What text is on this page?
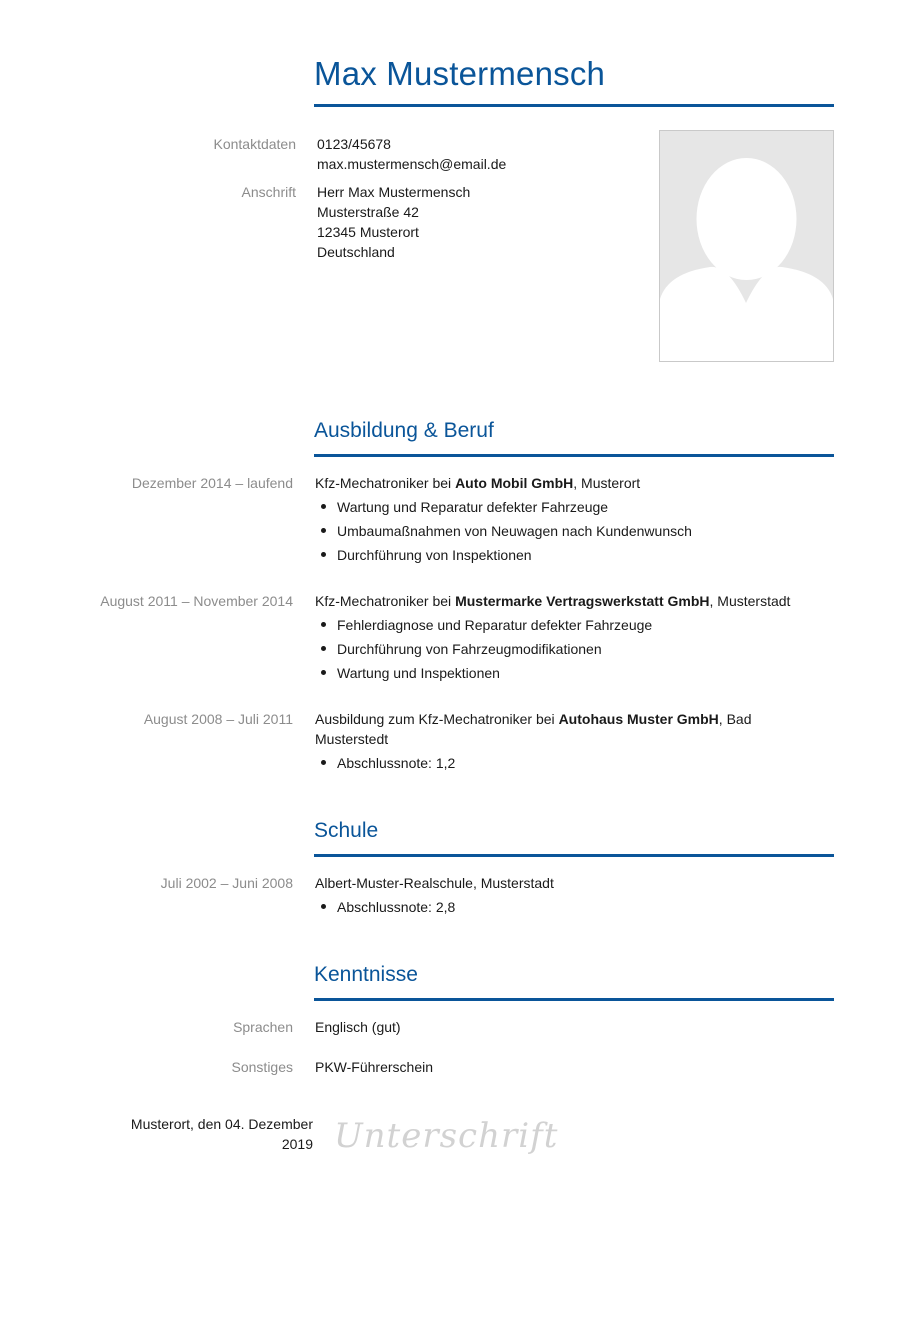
Max Mustermensch
Kontaktdaten 0123/45678
max.mustermensch@email.de
Anschrift Herr Max Mustermensch
Musterstraße 42
12345 Musterort
Deutschland
Ausbildung & Beruf
Dezember 2014 – laufend Kfz-Mechatroniker bei Auto Mobil GmbH, Musterort
Wartung und Reparatur defekter Fahrzeuge
Umbaumaßnahmen von Neuwagen nach Kundenwunsch
Durchführung von Inspektionen
August 2011 – November 2014 Kfz-Mechatroniker bei Mustermarke Vertragswerkstatt GmbH, Musterstadt
Fehlerdiagnose und Reparatur defekter Fahrzeuge
Durchführung von Fahrzeugmodifikationen
Wartung und Inspektionen
August 2008 – Juli 2011 Ausbildung zum Kfz-Mechatroniker bei Autohaus Muster GmbH, Bad
Musterstedt
Abschlussnote: 1,2
Schule
Juli 2002 – Juni 2008 Albert-Muster-Realschule, Musterstadt
Abschlussnote: 2,8
Kenntnisse
Sprachen Englisch (gut)
Sonstiges PKW-Führerschein
Musterort, den 04. Dezember
2019 Unterschrift
